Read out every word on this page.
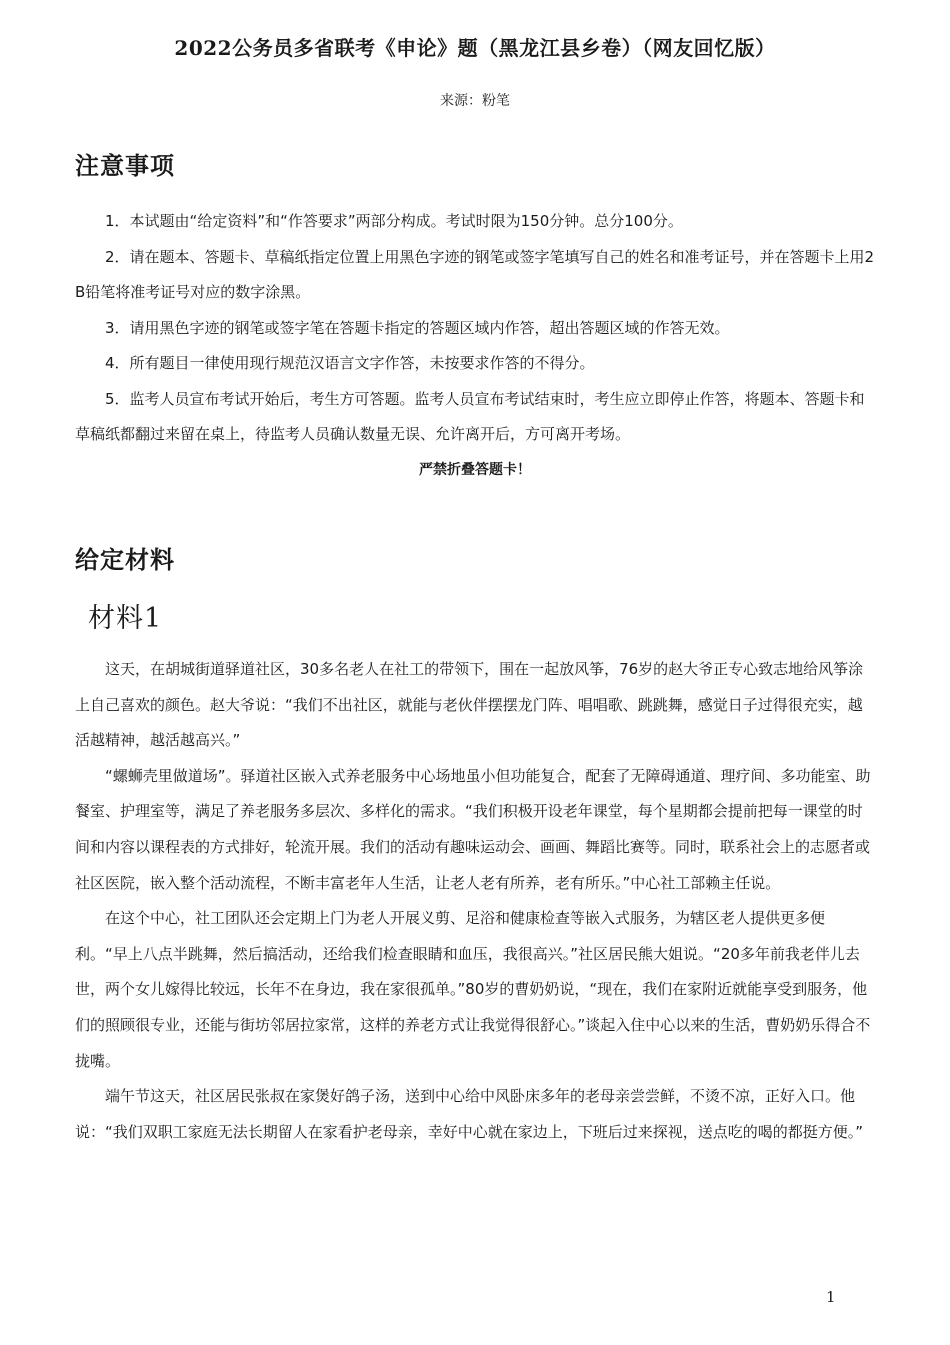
2022公务员多省联考《申论》题（黑龙江县乡卷）（网友回忆版）
来源：粉笔
注意事项

1．本试题由“给定资料”和“作答要求”两部分构成。考试时限为150分钟。总分100分。

2．请在题本、答题卡、草稿纸指定位置上用黑色字迹的钢笔或签字笔填写自己的姓名和准考证号，并在答题卡上用2B铅笔将准考证号对应的数字涂黑。

3．请用黑色字迹的钢笔或签字笔在答题卡指定的答题区域内作答，超出答题区域的作答无效。

4．所有题目一律使用现行规范汉语言文字作答，未按要求作答的不得分。

5．监考人员宣布考试开始后，考生方可答题。监考人员宣布考试结束时，考生应立即停止作答，将题本、答题卡和草稿纸都翻过来留在桌上，待监考人员确认数量无误、允许离开后，方可离开考场。

严禁折叠答题卡！

给定材料
材料1

这天，在胡城街道驿道社区，30多名老人在社工的带领下，围在一起放风筝，76岁的赵大爷正专心致志地给风筝涂上自己喜欢的颜色。赵大爷说：“我们不出社区，就能与老伙伴摆摆龙门阵、唱唱歌、跳跳舞，感觉日子过得很充实，越活越精神，越活越高兴。”

“螺蛳壳里做道场”。驿道社区嵌入式养老服务中心场地虽小但功能复合，配套了无障碍通道、理疗间、多功能室、助餐室、护理室等，满足了养老服务多层次、多样化的需求。“我们积极开设老年课堂，每个星期都会提前把每一课堂的时间和内容以课程表的方式排好，轮流开展。我们的活动有趣味运动会、画画、舞蹈比赛等。同时，联系社会上的志愿者或社区医院，嵌入整个活动流程，不断丰富老年人生活，让老人老有所养，老有所乐。”中心社工部赖主任说。

在这个中心，社工团队还会定期上门为老人开展义剪、足浴和健康检查等嵌入式服务，为辖区老人提供更多便利。“早上八点半跳舞，然后搞活动，还给我们检查眼睛和血压，我很高兴。”社区居民熊大姐说。“20多年前我老伴儿去世，两个女儿嫁得比较远，长年不在身边，我在家很孤单。”80岁的曹奶奶说，“现在，我们在家附近就能享受到服务，他们的照顾很专业，还能与街坊邻居拉家常，这样的养老方式让我觉得很舒心。”谈起入住中心以来的生活，曹奶奶乐得合不拢嘴。

端午节这天，社区居民张叔在家煲好鸽子汤，送到中心给中风卧床多年的老母亲尝尝鲜，不烫不凉，正好入口。他说：“我们双职工家庭无法长期留人在家看护老母亲，幸好中心就在家边上，下班后过来探视，送点吃的喝的都挺方便。”

1
